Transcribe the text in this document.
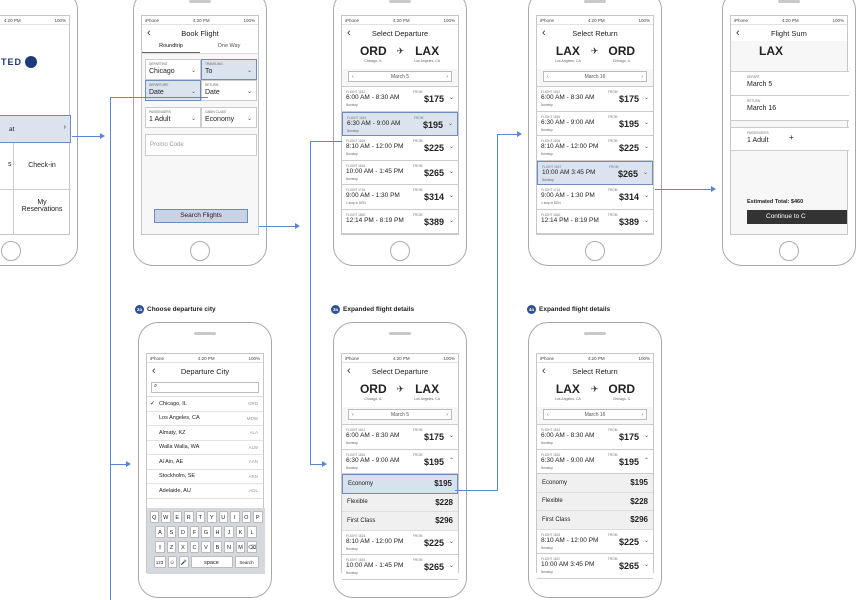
4:20 PM	100%
TED
at	›
s	Check-in
My Reservations
iPhone	4:20 PM	100%
‹	Book Flight
Roundtrip	One Way
DEPARTING
Chicago	⌄
TRAVELING
To	⌄
DEPARTURE
Date	⌄
RETURN
Date	⌄
PASSENGERS
1 Adult	⌄
CABIN CLASS
Economy ⌄
Promo Code
Search Flights
iPhone	4:20 PM	100%
‹	Select Departure
ORD
Chicago, IL
✈ LAX
Los Angeles, CA
‹	March 5	›
FLIGHT 1812
6:00 AM - 8:30 AM
Nonstop
FROM
$175 ⌄
FLIGHT 1816
6:30 AM - 9:00 AM
Nonstop
FROM
$195 ⌄
FLIGHT 1824
8:10 AM - 12:00 PM
Nonstop
FROM
$225 ⌄
FLIGHT 1816
10:00 AM - 1:45 PM
Nonstop
FROM
$265 ⌄
FLIGHT 1716
9:00 AM - 1:30 PM
1 stop in DEN
FROM
$314 ⌄
FLIGHT 1840
12:14 PM - 8:19 PM
FROM
$389 ⌄
iPhone	4:20 PM	100%
‹	Select Return
LAX
Los Angeles, CA
✈ ORD
Chicago, IL
‹	March 16	›
FLIGHT 1812
6:00 AM - 8:30 AM
Nonstop
FROM
$175 ⌄
FLIGHT 1816
6:30 AM - 9:00 AM
Nonstop
FROM
$195 ⌄
FLIGHT 1824
8:10 AM - 12:00 PM
Nonstop
FROM
$225 ⌄
FLIGHT 1847
10:00 AM 3:45 PM
Nonstop
FROM
$265 ⌄
FLIGHT 1716
9:00 AM - 1:30 PM
1 stop in DEN
FROM
$314 ⌄
FLIGHT 1840
12:14 PM - 8:19 PM
FROM
$389 ⌄
iPhone	4:20 PM	100%
‹	Flight Sum
LAX
DEPART
March 5
RETURN
March 16
PASSENGERS
1 Adult	+
Estimated Total: $460
Continue to C
2a Choose departure city	3a Expanded flight details	4a Expanded flight details
iPhone	4:20 PM	100%
‹	Departure City
⌕
✓ Chicago, IL	ORD
Los Angeles, CA	MDW
Almaty, KZ	ALA
Walla Walla, WA	ALW
Al Ain, AE	AAN
Stockholm, SE	ARN
Adelaide, AU	ADL
Q	W	E	R	T	Y	U	I	O	P
A	S	D	F	G	H	J	K	L
⇧	Z	X	C	V	B	N	M ⌫
123	☺	🎤	space	Search
iPhone	4:20 PM	100%
‹	Select Departure
ORD
Chicago, IL
✈ LAX
Los Angeles, CA
‹	March 5	›
FLIGHT 1812
6:00 AM - 8:30 AM
Nonstop
FROM
$175 ⌄
FLIGHT 1816
6:30 AM - 9:00 AM
Nonstop
FROM
$195 ⌃
Economy	$195
Flexible	$228
First Class	$296
FLIGHT 1824
8:10 AM - 12:00 PM
Nonstop
FROM
$225 ⌄
FLIGHT 1816
10:00 AM - 1:45 PM
Nonstop
FROM
$265 ⌄
iPhone	4:20 PM	100%
‹	Select Return
LAX
Los Angeles, CA
✈ ORD
Chicago, IL
‹	March 16	›
FLIGHT 1812
6:00 AM - 8:30 AM
Nonstop
FROM
$175 ⌄
FLIGHT 1816
6:30 AM - 9:00 AM
Nonstop
FROM
$195 ⌃
Economy	$195
Flexible	$228
First Class	$296
FLIGHT 1824
8:10 AM - 12:00 PM
Nonstop
FROM
$225 ⌄
FLIGHT 1847
10:00 AM 3:45 PM
Nonstop
FROM
$265 ⌄
